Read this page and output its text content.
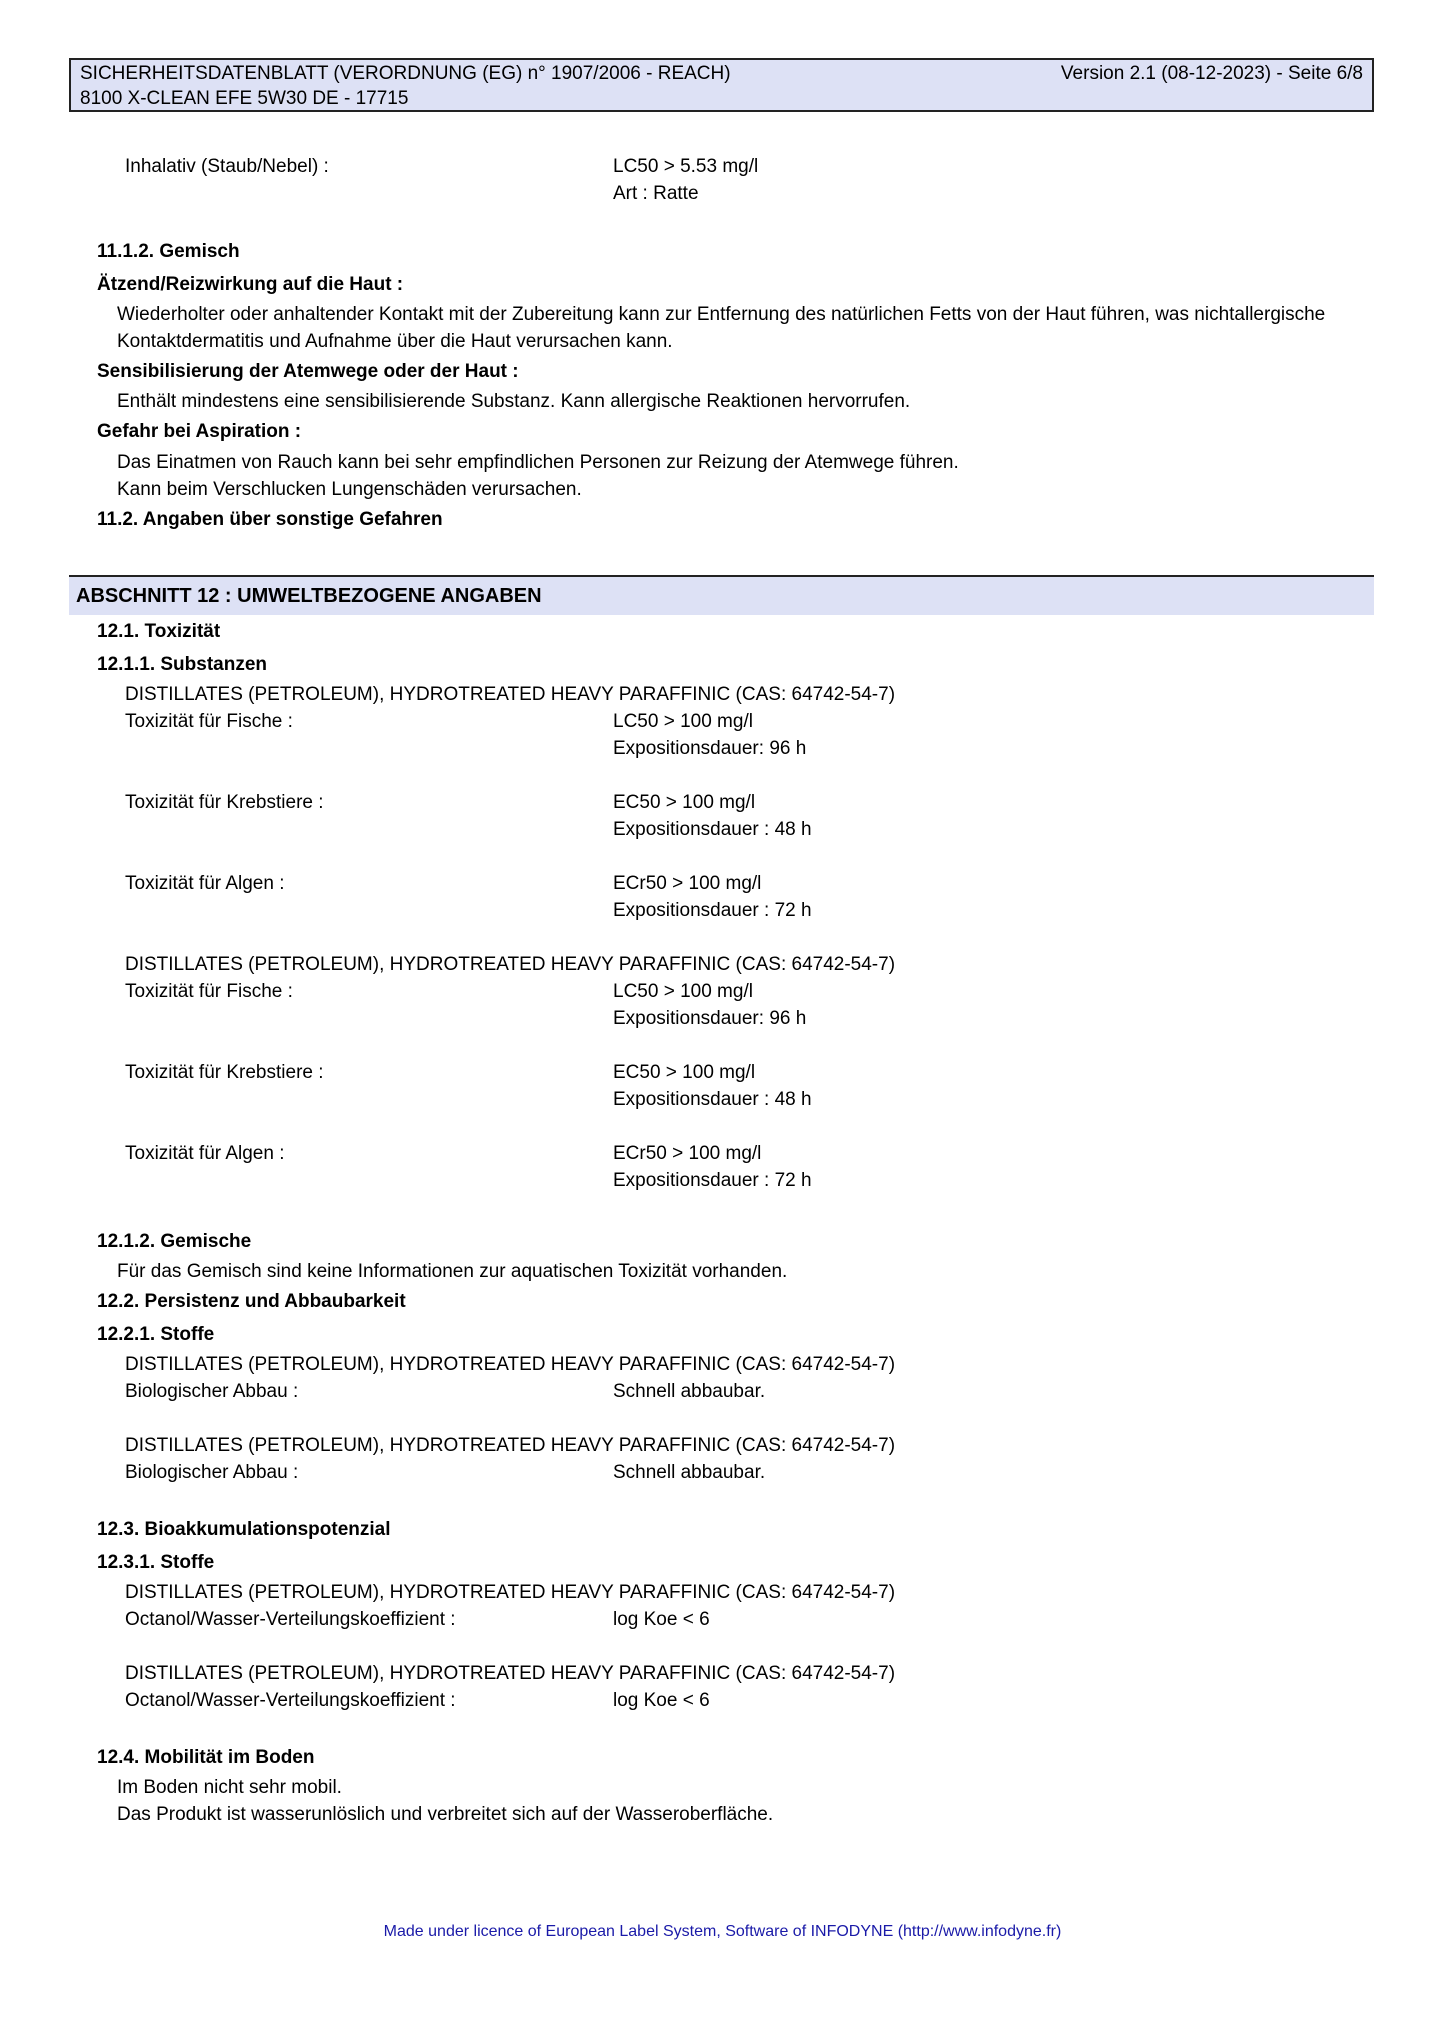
SICHERHEITSDATENBLATT (VERORDNUNG (EG) n° 1907/2006 - REACH)	Version 2.1 (08-12-2023) - Seite 6/8
8100 X-CLEAN EFE 5W30 DE - 17715
Inhalativ (Staub/Nebel) :	LC50 > 5.53 mg/l
Art : Ratte
11.1.2. Gemisch
Ätzend/Reizwirkung auf die Haut :
Wiederholter oder anhaltender Kontakt mit der Zubereitung kann zur Entfernung des natürlichen Fetts von der Haut führen, was nichtallergische
Kontaktdermatitis und Aufnahme über die Haut verursachen kann.
Sensibilisierung der Atemwege oder der Haut :
Enthält mindestens eine sensibilisierende Substanz. Kann allergische Reaktionen hervorrufen.
Gefahr bei Aspiration :
Das Einatmen von Rauch kann bei sehr empfindlichen Personen zur Reizung der Atemwege führen.
Kann beim Verschlucken Lungenschäden verursachen.
11.2. Angaben über sonstige Gefahren
ABSCHNITT 12 : UMWELTBEZOGENE ANGABEN
12.1. Toxizität
12.1.1. Substanzen
DISTILLATES (PETROLEUM), HYDROTREATED HEAVY PARAFFINIC (CAS: 64742-54-7)
Toxizität für Fische :	LC50 > 100 mg/l
Expositionsdauer: 96 h
Toxizität für Krebstiere :	EC50 > 100 mg/l
Expositionsdauer : 48 h
Toxizität für Algen :	ECr50 > 100 mg/l
Expositionsdauer : 72 h
DISTILLATES (PETROLEUM), HYDROTREATED HEAVY PARAFFINIC (CAS: 64742-54-7)
Toxizität für Fische :	LC50 > 100 mg/l
Expositionsdauer: 96 h
Toxizität für Krebstiere :	EC50 > 100 mg/l
Expositionsdauer : 48 h
Toxizität für Algen :	ECr50 > 100 mg/l
Expositionsdauer : 72 h
12.1.2. Gemische
Für das Gemisch sind keine Informationen zur aquatischen Toxizität vorhanden.
12.2. Persistenz und Abbaubarkeit
12.2.1. Stoffe
DISTILLATES (PETROLEUM), HYDROTREATED HEAVY PARAFFINIC (CAS: 64742-54-7)
Biologischer Abbau :	Schnell abbaubar.
DISTILLATES (PETROLEUM), HYDROTREATED HEAVY PARAFFINIC (CAS: 64742-54-7)
Biologischer Abbau :	Schnell abbaubar.
12.3. Bioakkumulationspotenzial
12.3.1. Stoffe
DISTILLATES (PETROLEUM), HYDROTREATED HEAVY PARAFFINIC (CAS: 64742-54-7)
Octanol/Wasser-Verteilungskoeffizient :	log Koe < 6
DISTILLATES (PETROLEUM), HYDROTREATED HEAVY PARAFFINIC (CAS: 64742-54-7)
Octanol/Wasser-Verteilungskoeffizient :	log Koe < 6
12.4. Mobilität im Boden
Im Boden nicht sehr mobil.
Das Produkt ist wasserunlöslich und verbreitet sich auf der Wasseroberfläche.
Made under licence of European Label System, Software of INFODYNE (http://www.infodyne.fr)
